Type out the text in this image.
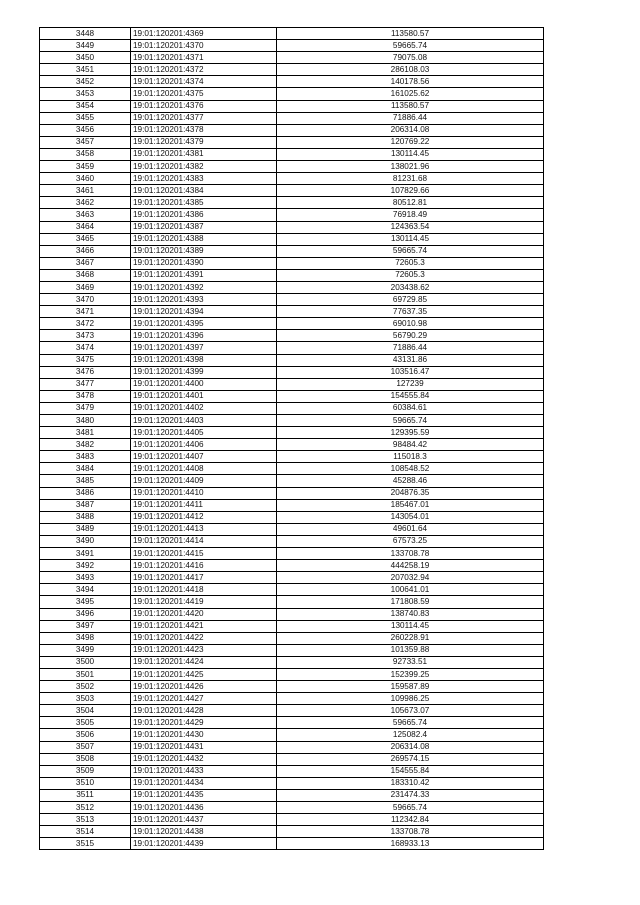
3448	19:01:120201:4369	113580.57
3449	19:01:120201:4370	59665.74
3450	19:01:120201:4371	79075.08
3451	19:01:120201:4372	286108.03
3452	19:01:120201:4374	140178.56
3453	19:01:120201:4375	161025.62
3454	19:01:120201:4376	113580.57
3455	19:01:120201:4377	71886.44
3456	19:01:120201:4378	206314.08
3457	19:01:120201:4379	120769.22
3458	19:01:120201:4381	130114.45
3459	19:01:120201:4382	138021.96
3460	19:01:120201:4383	81231.68
3461	19:01:120201:4384	107829.66
3462	19:01:120201:4385	80512.81
3463	19:01:120201:4386	76918.49
3464	19:01:120201:4387	124363.54
3465	19:01:120201:4388	130114.45
3466	19:01:120201:4389	59665.74
3467	19:01:120201:4390	72605.3
3468	19:01:120201:4391	72605.3
3469	19:01:120201:4392	203438.62
3470	19:01:120201:4393	69729.85
3471	19:01:120201:4394	77637.35
3472	19:01:120201:4395	69010.98
3473	19:01:120201:4396	56790.29
3474	19:01:120201:4397	71886.44
3475	19:01:120201:4398	43131.86
3476	19:01:120201:4399	103516.47
3477	19:01:120201:4400	127239
3478	19:01:120201:4401	154555.84
3479	19:01:120201:4402	60384.61
3480	19:01:120201:4403	59665.74
3481	19:01:120201:4405	129395.59
3482	19:01:120201:4406	98484.42
3483	19:01:120201:4407	115018.3
3484	19:01:120201:4408	108548.52
3485	19:01:120201:4409	45288.46
3486	19:01:120201:4410	204876.35
3487	19:01:120201:4411	185467.01
3488	19:01:120201:4412	143054.01
3489	19:01:120201:4413	49601.64
3490	19:01:120201:4414	67573.25
3491	19:01:120201:4415	133708.78
3492	19:01:120201:4416	444258.19
3493	19:01:120201:4417	207032.94
3494	19:01:120201:4418	100641.01
3495	19:01:120201:4419	171808.59
3496	19:01:120201:4420	138740.83
3497	19:01:120201:4421	130114.45
3498	19:01:120201:4422	260228.91
3499	19:01:120201:4423	101359.88
3500	19:01:120201:4424	92733.51
3501	19:01:120201:4425	152399.25
3502	19:01:120201:4426	159587.89
3503	19:01:120201:4427	109986.25
3504	19:01:120201:4428	105673.07
3505	19:01:120201:4429	59665.74
3506	19:01:120201:4430	125082.4
3507	19:01:120201:4431	206314.08
3508	19:01:120201:4432	269574.15
3509	19:01:120201:4433	154555.84
3510	19:01:120201:4434	183310.42
3511	19:01:120201:4435	231474.33
3512	19:01:120201:4436	59665.74
3513	19:01:120201:4437	112342.84
3514	19:01:120201:4438	133708.78
3515	19:01:120201:4439	168933.13
